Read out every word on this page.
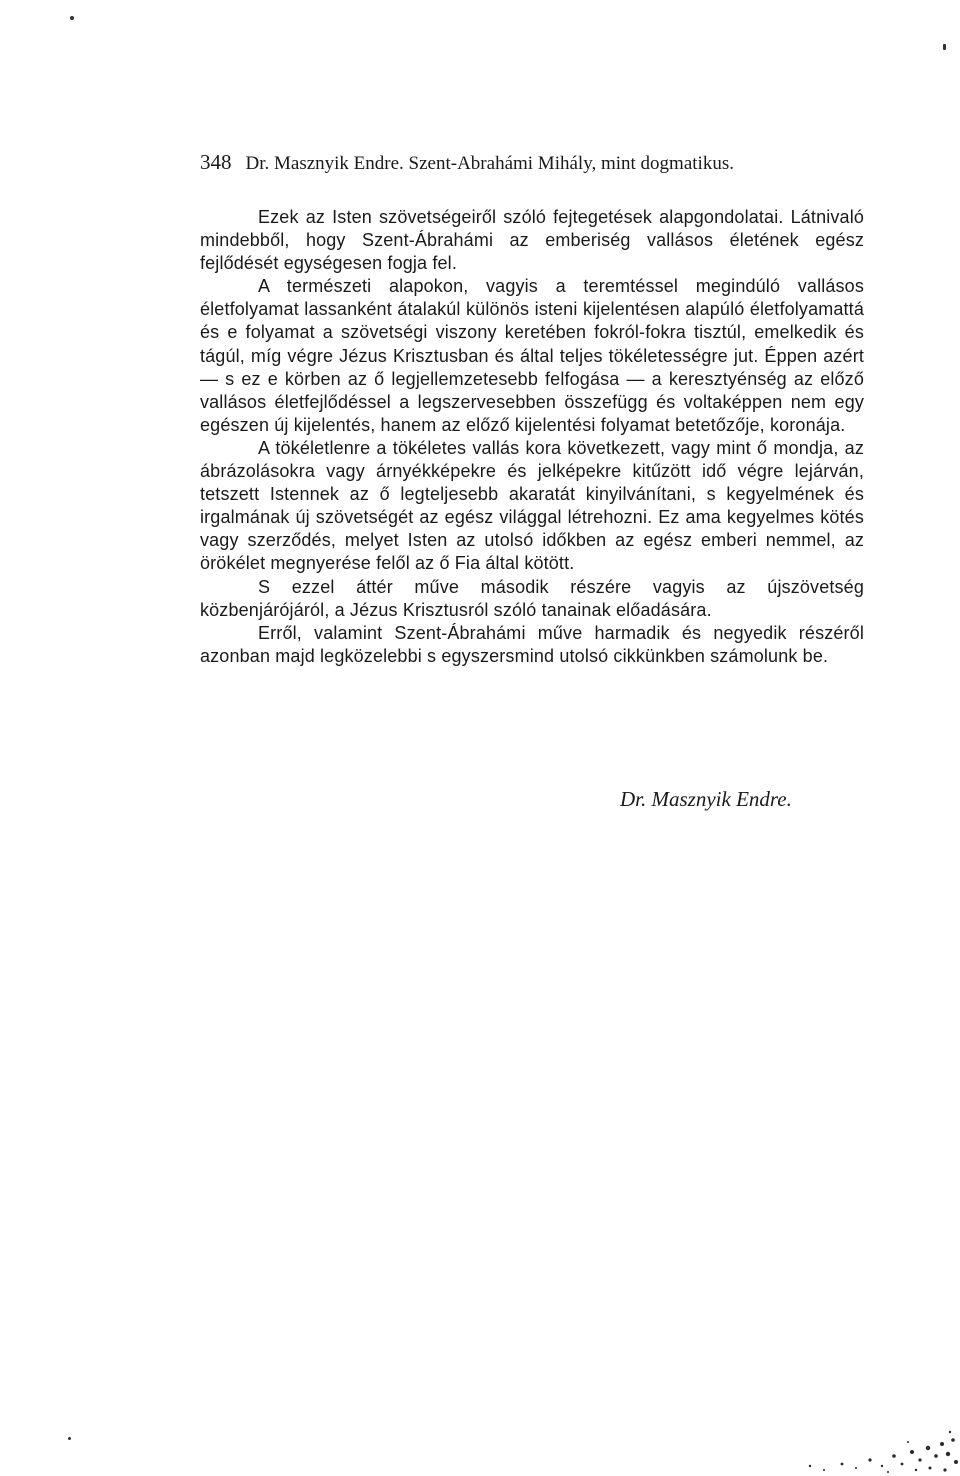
348 Dr. Masznyik Endre. Szent-Abrahámi Mihály, mint dogmatikus.

Ezek az Isten szövetségeiről szóló fejtegetések alapgondolatai. Látnivaló mindebből, hogy Szent-Ábrahámi az emberiség vallásos életének egész fejlődését egységesen fogja fel.

A természeti alapokon, vagyis a teremtéssel megindúló vallásos életfolyamat lassanként átalakúl különös isteni kijelentésen alapúló életfolyamattá és e folyamat a szövetségi viszony keretében fokról-fokra tisztúl, emelkedik és tágúl, míg végre Jézus Krisztusban és által teljes tökéletességre jut. Éppen azért — s ez e körben az ő legjellemzetesebb felfogása — a keresztyénség az előző vallásos életfejlődéssel a legszervesebben összefügg és voltaképpen nem egy egészen új kijelentés, hanem az előző kijelentési folyamat betetőzője, koronája.

A tökéletlenre a tökéletes vallás kora következett, vagy mint ő mondja, az ábrázolásokra vagy árnyékképekre és jelképekre kitűzött idő végre lejárván, tetszett Istennek az ő legteljesebb akaratát kinyilvánítani, s kegyelmének és irgalmának új szövetségét az egész világgal létrehozni. Ez ama kegyelmes kötés vagy szerződés, melyet Isten az utolsó időkben az egész emberi nemmel, az örökélet megnyerése felől az ő Fia által kötött.

S ezzel áttér műve második részére vagyis az újszövetség közbenjárójáról, a Jézus Krisztusról szóló tanainak előadására.

Erről, valamint Szent-Ábrahámi műve harmadik és negyedik részéről azonban majd legközelebbi s egyszersmind utolsó cikkünkben számolunk be.

Dr. Masznyik Endre.
